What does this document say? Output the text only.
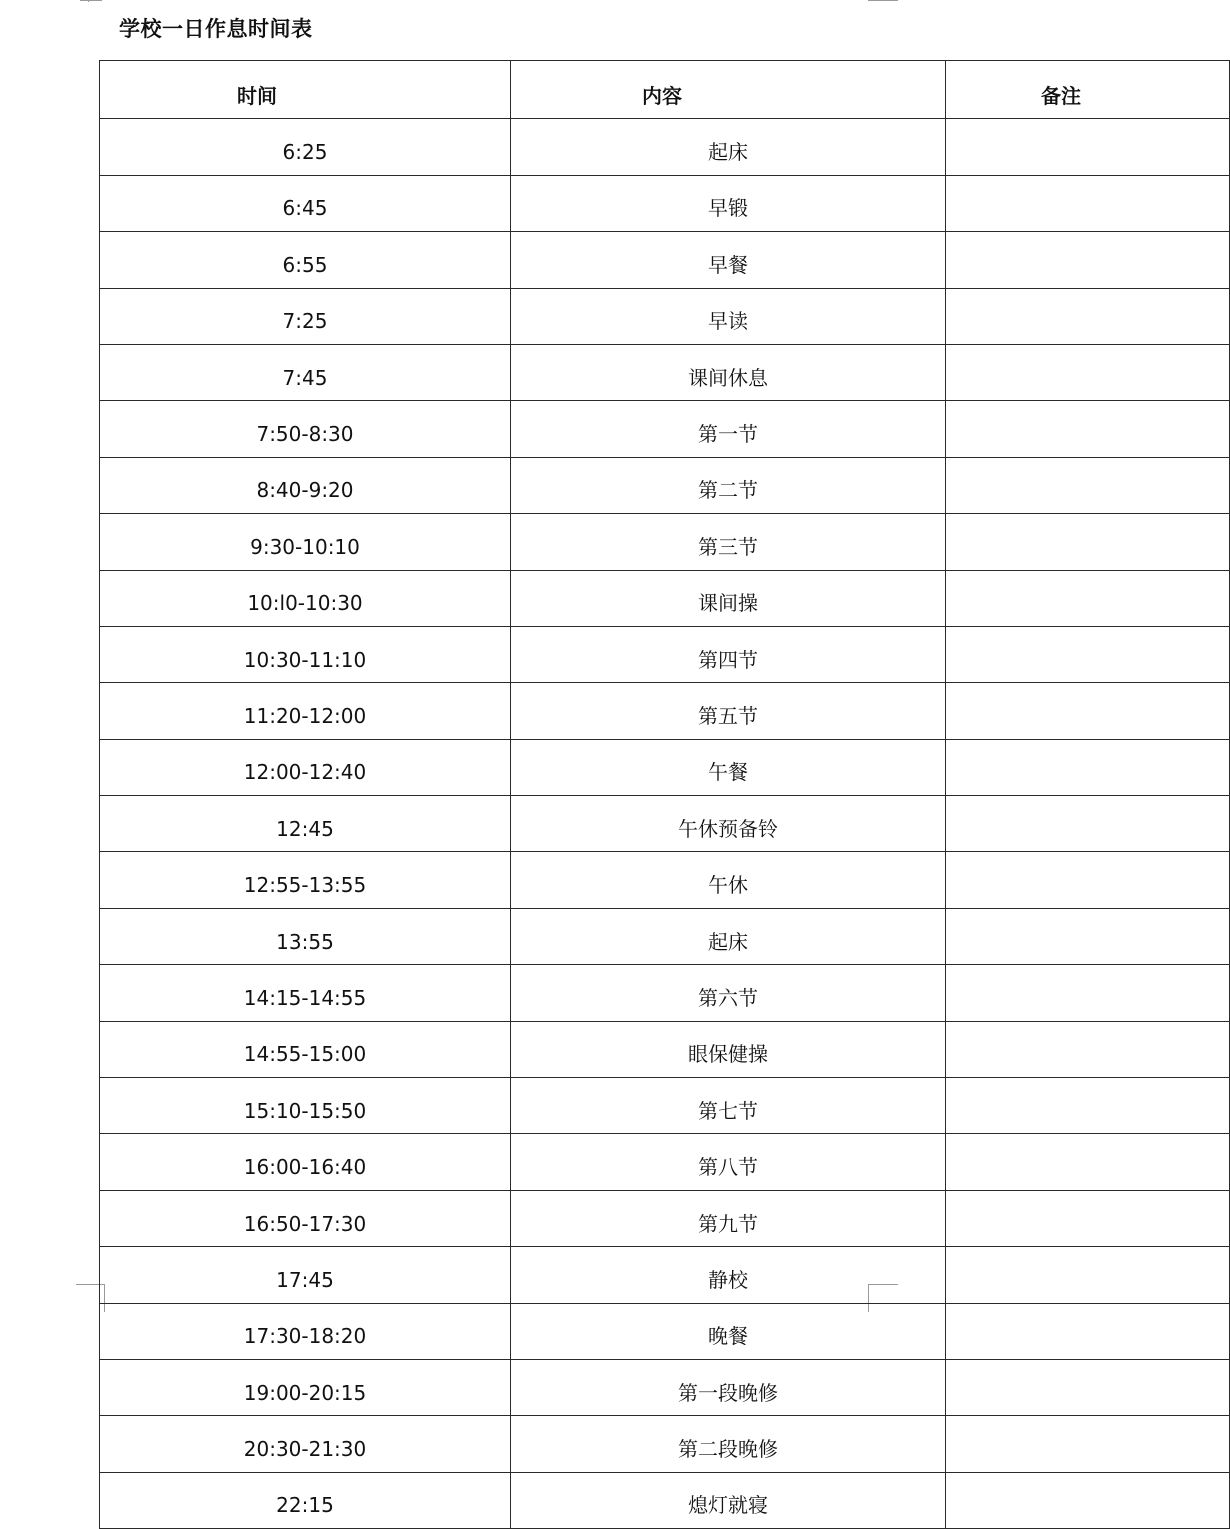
学校一日作息时间表
时间	内容	备注
6:25	起床	
6:45	早锻	
6:55	早餐	
7:25	早读	
7:45	课间休息	
7:50-8:30	第一节	
8:40-9:20	第二节	
9:30-10:10	第三节	
10:l0-10:30	课间操	
10:30-11:10	第四节	
11:20-12:00	第五节	
12:00-12:40	午餐	
12:45	午休预备铃	
12:55-13:55	午休	
13:55	起床	
14:15-14:55	第六节	
14:55-15:00	眼保健操	
15:10-15:50	第七节	
16:00-16:40	第八节	
16:50-17:30	第九节	
17:45	静校	
17:30-18:20	晚餐	
19:00-20:15	第一段晚修	
20:30-21:30	第二段晚修	
22:15	熄灯就寝	
